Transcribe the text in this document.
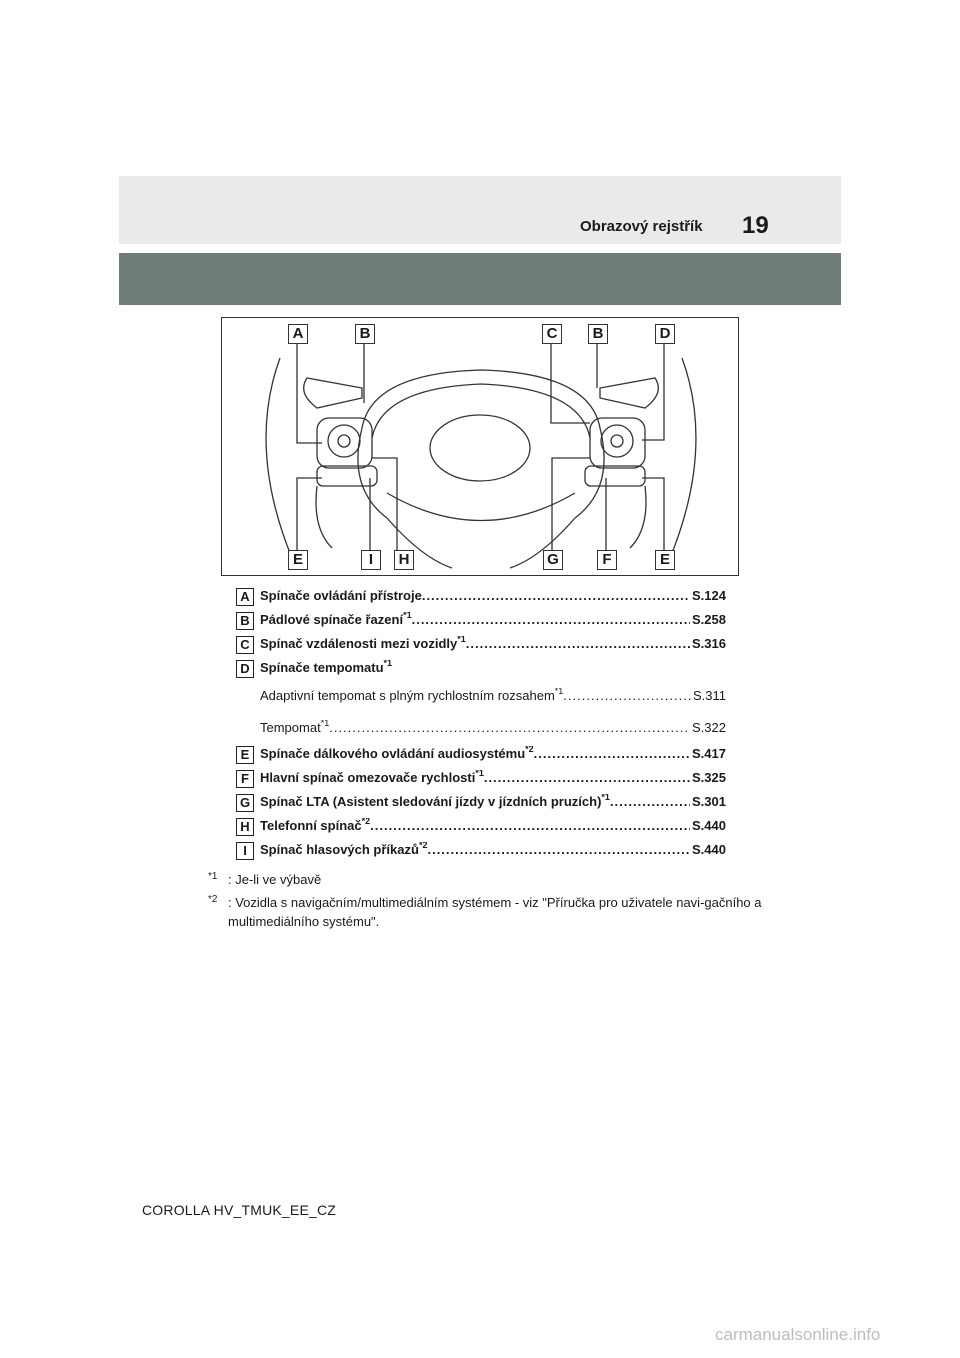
Obrazový rejstřík 19
A	B	C	B	D
E	I	H	G	F	E
A Spínače ovládání přístroje .....	S.124
B Pádlové spínače řazení$^{*1}$ .....	S.258
C Spínač vzdálenosti mezi vozidly$^{*1}$ .....	S.316
D Spínače tempomatu$^{*1}$
Adaptivní tempomat s plným rychlostním rozsahem$^{*1}$ .....	S.311
Tempomat$^{*1}$ .....	S.322
E Spínače dálkového ovládání audiosystému$^{*2}$ .....	S.417
F Hlavní spínač omezovače rychlosti$^{*1}$ .....	S.325
G Spínač LTA (Asistent sledování jízdy v jízdních pruzích)$^{*1}$ .....	S.301
H Telefonní spínač$^{*2}$ .....	S.440
I	Spínač hlasových příkazů$^{*2}$ .....	S.440
*1 : Je-li ve výbavě
*2 : Vozidla s navigačním/multimediálním systémem - viz "Příručka pro uživatele navi-gačního a multimediálního systému".
COROLLA HV_TMUK_EE_CZ
carmanualsonline.info
